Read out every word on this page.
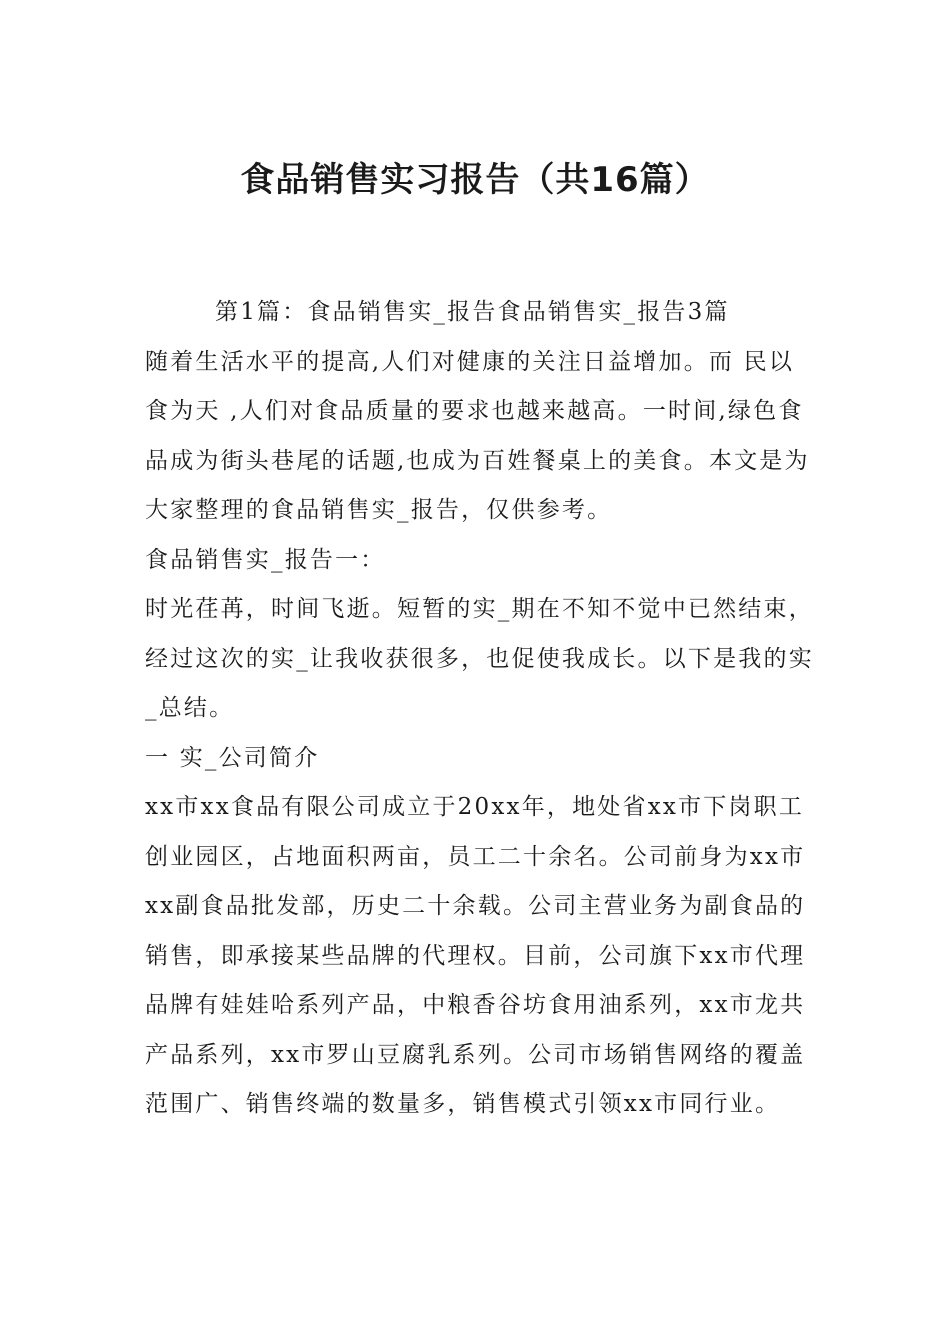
食品销售实习报告（共16篇）

第1篇：食品销售实_报告食品销售实_报告3篇

随着生活水平的提高,人们对健康的关注日益增加。而 民以食为天 ,人们对食品质量的要求也越来越高。一时间,绿色食品成为街头巷尾的话题,也成为百姓餐桌上的美食。本文是为大家整理的食品销售实_报告，仅供参考。

食品销售实_报告一：

时光荏苒，时间飞逝。短暂的实_期在不知不觉中已然结束，经过这次的实_让我收获很多，也促使我成长。以下是我的实_总结。

一 实_公司简介

xx市xx食品有限公司成立于20xx年，地处省xx市下岗职工创业园区，占地面积两亩，员工二十余名。公司前身为xx市xx副食品批发部，历史二十余载。公司主营业务为副食品的销售，即承接某些品牌的代理权。目前，公司旗下xx市代理品牌有娃娃哈系列产品，中粮香谷坊食用油系列，xx市龙共产品系列，xx市罗山豆腐乳系列。公司市场销售网络的覆盖范围广、销售终端的数量多，销售模式引领xx市同行业。
